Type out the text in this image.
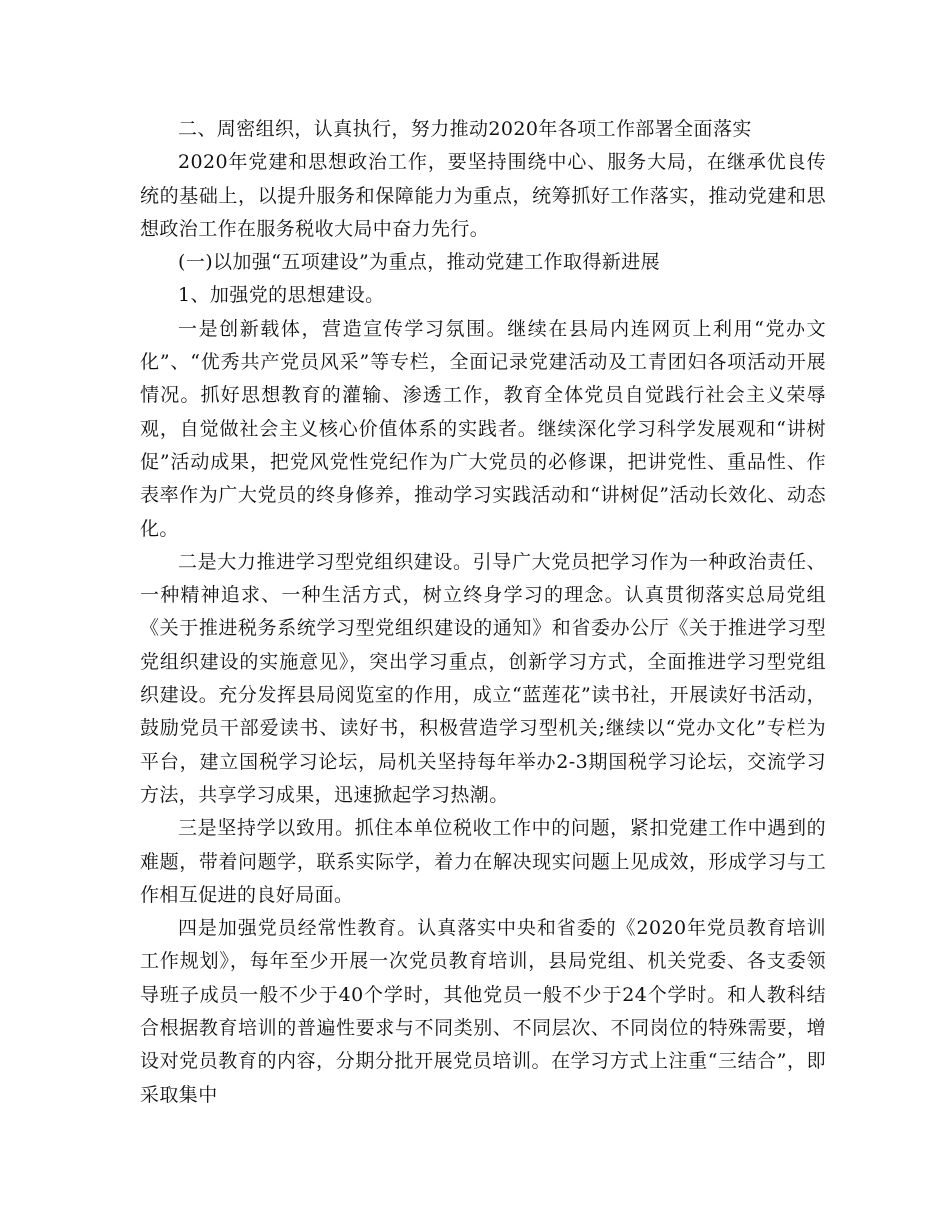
二、周密组织，认真执行，努力推动2020年各项工作部署全面落实

2020年党建和思想政治工作，要坚持围绕中心、服务大局，在继承优良传统的基础上，以提升服务和保障能力为重点，统筹抓好工作落实，推动党建和思想政治工作在服务税收大局中奋力先行。

(一)以加强“五项建设”为重点，推动党建工作取得新进展

1、加强党的思想建设。

一是创新载体，营造宣传学习氛围。继续在县局内连网页上利用“党办文化”、“优秀共产党员风采”等专栏，全面记录党建活动及工青团妇各项活动开展情况。抓好思想教育的灌输、渗透工作，教育全体党员自觉践行社会主义荣辱观，自觉做社会主义核心价值体系的实践者。继续深化学习科学发展观和“讲树促”活动成果，把党风党性党纪作为广大党员的必修课，把讲党性、重品性、作表率作为广大党员的终身修养，推动学习实践活动和“讲树促”活动长效化、动态化。

二是大力推进学习型党组织建设。引导广大党员把学习作为一种政治责任、一种精神追求、一种生活方式，树立终身学习的理念。认真贯彻落实总局党组《关于推进税务系统学习型党组织建设的通知》和省委办公厅《关于推进学习型党组织建设的实施意见》，突出学习重点，创新学习方式，全面推进学习型党组织建设。充分发挥县局阅览室的作用，成立“蓝莲花”读书社，开展读好书活动，鼓励党员干部爱读书、读好书，积极营造学习型机关;继续以“党办文化”专栏为平台，建立国税学习论坛，局机关坚持每年举办2-3期国税学习论坛，交流学习方法，共享学习成果，迅速掀起学习热潮。

三是坚持学以致用。抓住本单位税收工作中的问题，紧扣党建工作中遇到的难题，带着问题学，联系实际学，着力在解决现实问题上见成效，形成学习与工作相互促进的良好局面。

四是加强党员经常性教育。认真落实中央和省委的《2020年党员教育培训工作规划》，每年至少开展一次党员教育培训，县局党组、机关党委、各支委领导班子成员一般不少于40个学时，其他党员一般不少于24个学时。和人教科结合根据教育培训的普遍性要求与不同类别、不同层次、不同岗位的特殊需要，增设对党员教育的内容，分期分批开展党员培训。在学习方式上注重“三结合”，即采取集中
